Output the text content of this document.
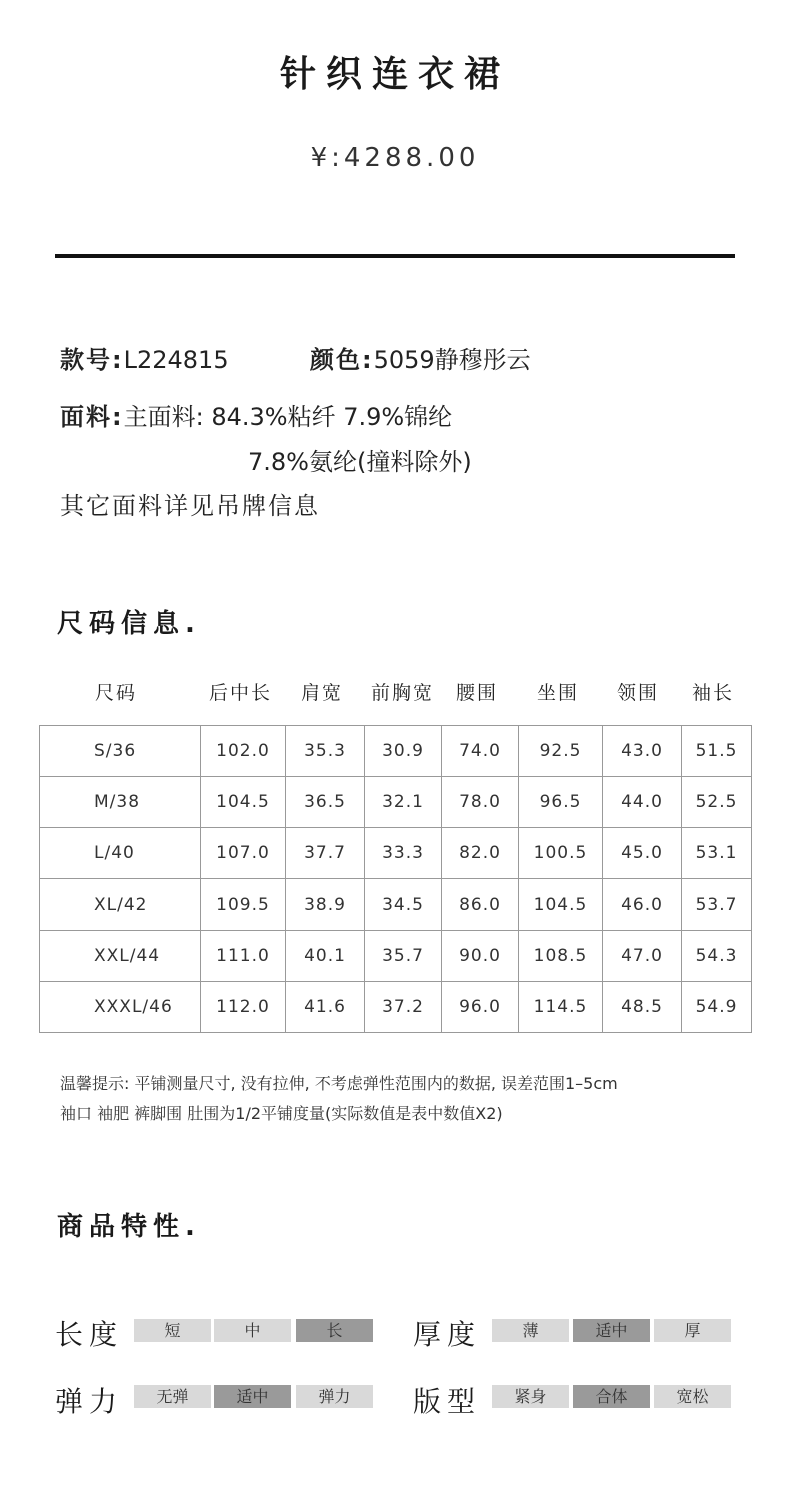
针织连衣裙
¥:4288.00
款号:L224815	颜色:5059静穆彤云
面料:主面料: 84.3%粘纤 7.9%锦纶
7.8%氨纶(撞料除外)
其它面料详见吊牌信息
尺码信息.
尺码	后中长 肩宽 前胸宽 腰围 坐围 领围 袖长
S/36	102.0	35.3	30.9	74.0	92.5	43.0	51.5
M/38	104.5	36.5	32.1	78.0	96.5	44.0	52.5
L/40	107.0	37.7	33.3	82.0	100.5	45.0	53.1
XL/42	109.5	38.9	34.5	86.0	104.5	46.0	53.7
XXL/44	111.0	40.1	35.7	90.0	108.5	47.0	54.3
XXXL/46	112.0	41.6	37.2	96.0	114.5	48.5	54.9
温馨提示: 平铺测量尺寸, 没有拉伸, 不考虑弹性范围内的数据, 误差范围1–5cm
袖口 袖肥 裤脚围 肚围为1/2平铺度量(实际数值是表中数值X2)
商品特性.
长度	短	中	长	厚度	薄	适中	厚
弹力	无弹	适中	弹力	版型	紧身	合体	宽松
